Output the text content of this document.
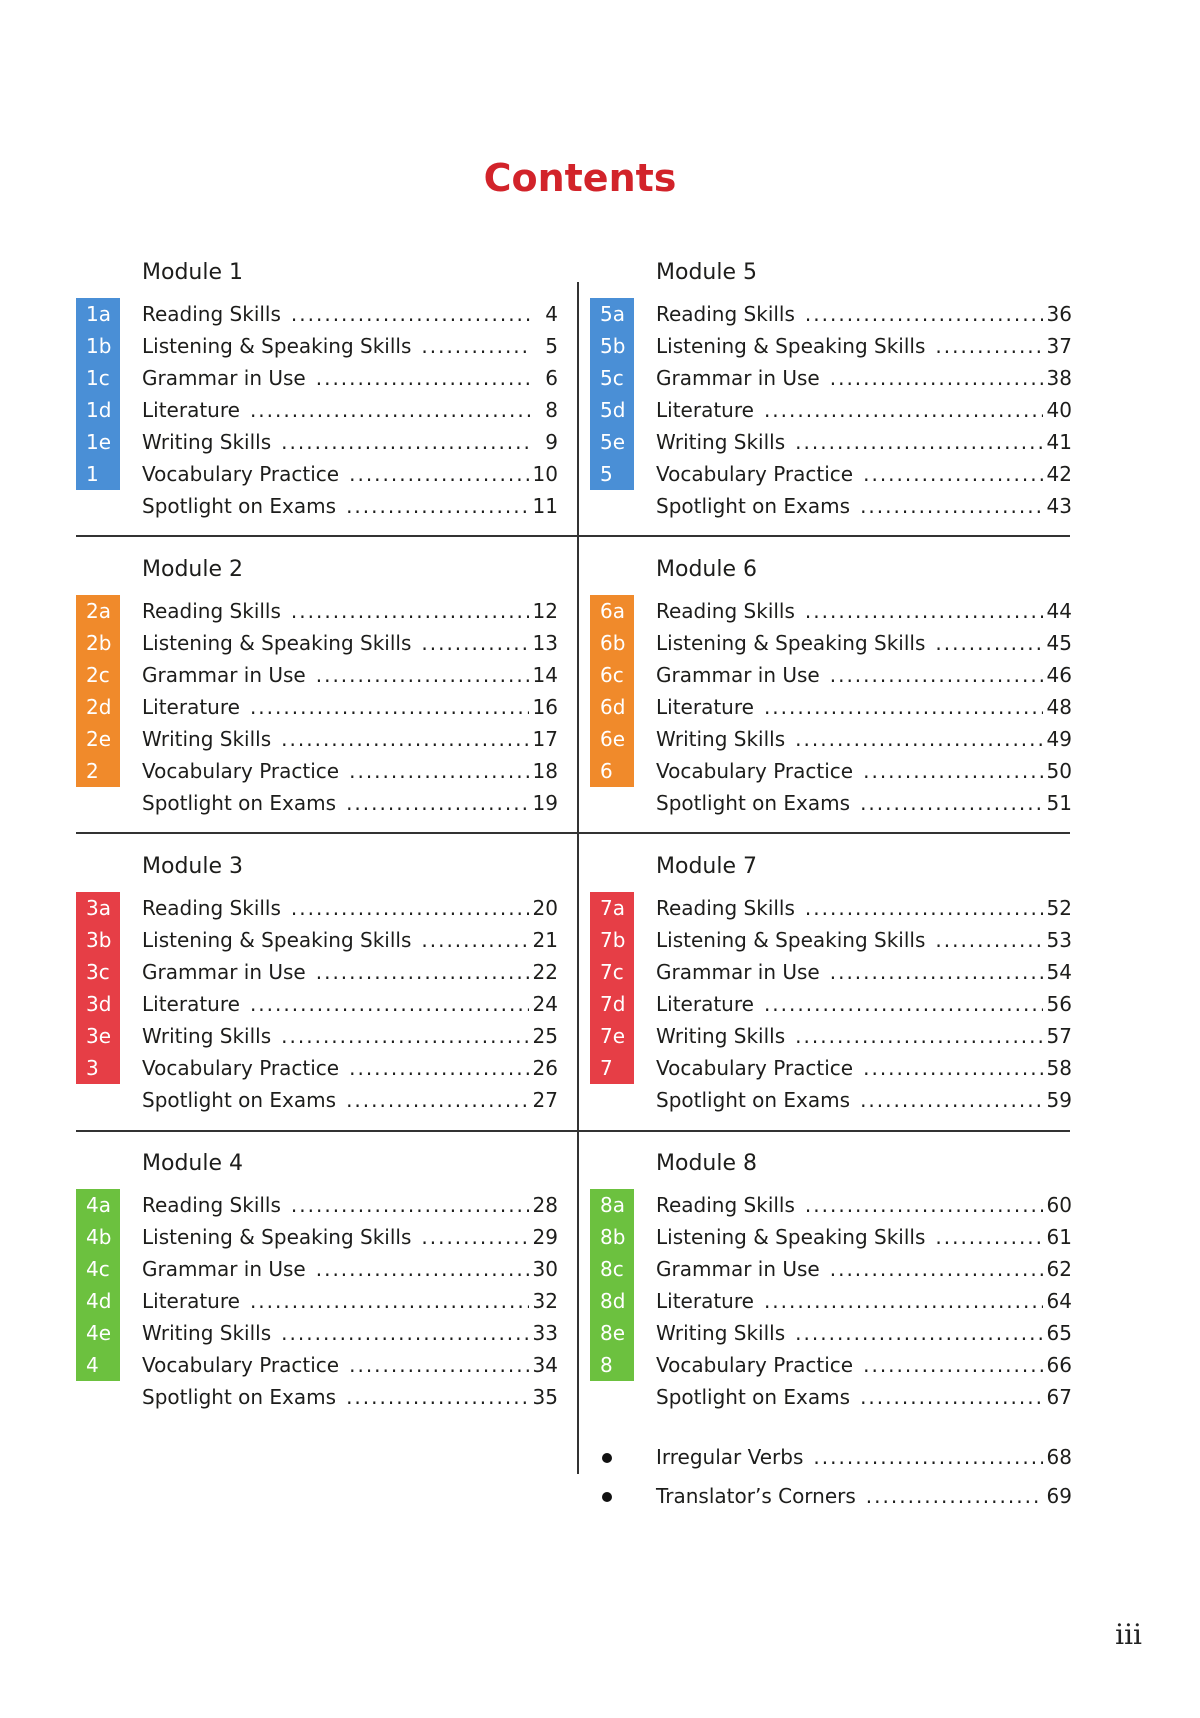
Contents
Module 1
1a	Reading Skills .....	4
1b	Listening & Speaking Skills .....	5
1c	Grammar in Use .....	6
1d	Literature .....	8
1e	Writing Skills .....	9
1	Vocabulary Practice .....	10
Spotlight on Exams .....	11
Module 5
5a	Reading Skills .....	36
5b	Listening & Speaking Skills .....	37
5c	Grammar in Use .....	38
5d	Literature .....	40
5e	Writing Skills .....	41
5	Vocabulary Practice .....	42
Spotlight on Exams .....	43
Module 2
2a	Reading Skills .....	12
2b	Listening & Speaking Skills .....	13
2c	Grammar in Use .....	14
2d	Literature .....	16
2e	Writing Skills .....	17
2	Vocabulary Practice .....	18
Spotlight on Exams .....	19
Module 6
6a	Reading Skills .....	44
6b	Listening & Speaking Skills .....	45
6c	Grammar in Use .....	46
6d	Literature .....	48
6e	Writing Skills .....	49
6	Vocabulary Practice .....	50
Spotlight on Exams .....	51
Module 3
3a	Reading Skills .....	20
3b	Listening & Speaking Skills .....	21
3c	Grammar in Use .....	22
3d	Literature .....	24
3e	Writing Skills .....	25
3	Vocabulary Practice .....	26
Spotlight on Exams .....	27
Module 7
7a	Reading Skills .....	52
7b	Listening & Speaking Skills .....	53
7c	Grammar in Use .....	54
7d	Literature .....	56
7e	Writing Skills .....	57
7	Vocabulary Practice .....	58
Spotlight on Exams .....	59
Module 4
4a	Reading Skills .....	28
4b	Listening & Speaking Skills .....	29
4c	Grammar in Use .....	30
4d	Literature .....	32
4e	Writing Skills .....	33
4	Vocabulary Practice .....	34
Spotlight on Exams .....	35
Module 8
8a	Reading Skills .....	60
8b	Listening & Speaking Skills .....	61
8c	Grammar in Use .....	62
8d	Literature .....	64
8e	Writing Skills .....	65
8	Vocabulary Practice .....	66
Spotlight on Exams .....	67
Irregular Verbs .....	68
Translator’s Corners .....	69
iii
